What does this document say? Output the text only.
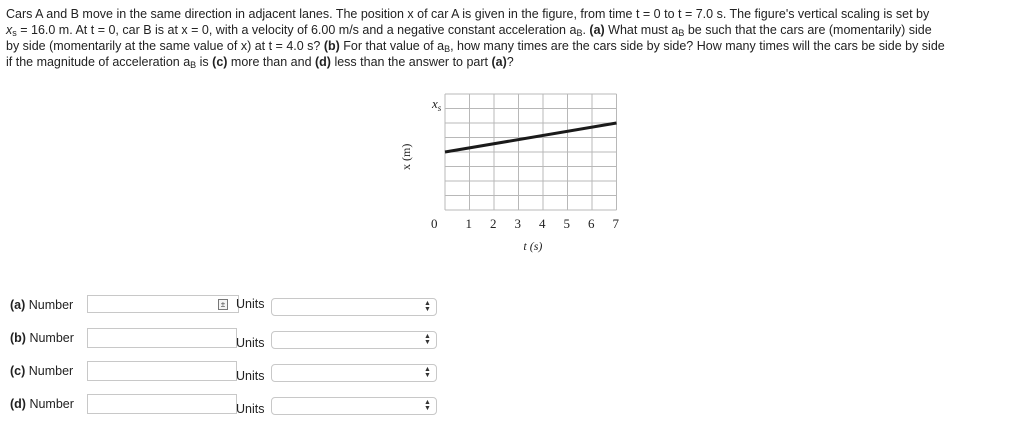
Cars A and B move in the same direction in adjacent lanes. The position x of car A is given in the figure, from time t = 0 to t = 7.0 s. The figure's vertical scaling is set by
$x_s = 16.0$ m. At t = 0, car B is at x = 0, with a velocity of 6.00 m/s and a negative constant acceleration $a_B$. (a) What must $a_B$ be such that the cars are (momentarily) side
by side (momentarily at the same value of x) at t = 4.0 s? (b) For that value of $a_B$, how many times are the cars side by side? How many times will the cars be side by side
if the magnitude of acceleration $a_B$ is (c) more than and (d) less than the answer to part (a)?
$x_s$
x (m)
0 1 2 3 4 5 6 7
t (s)
(a) Number	± Units	▲
▼
(b) Number	Units	▲
▼
(c) Number	Units	▲
▼
(d) Number	Units	▲
▼
